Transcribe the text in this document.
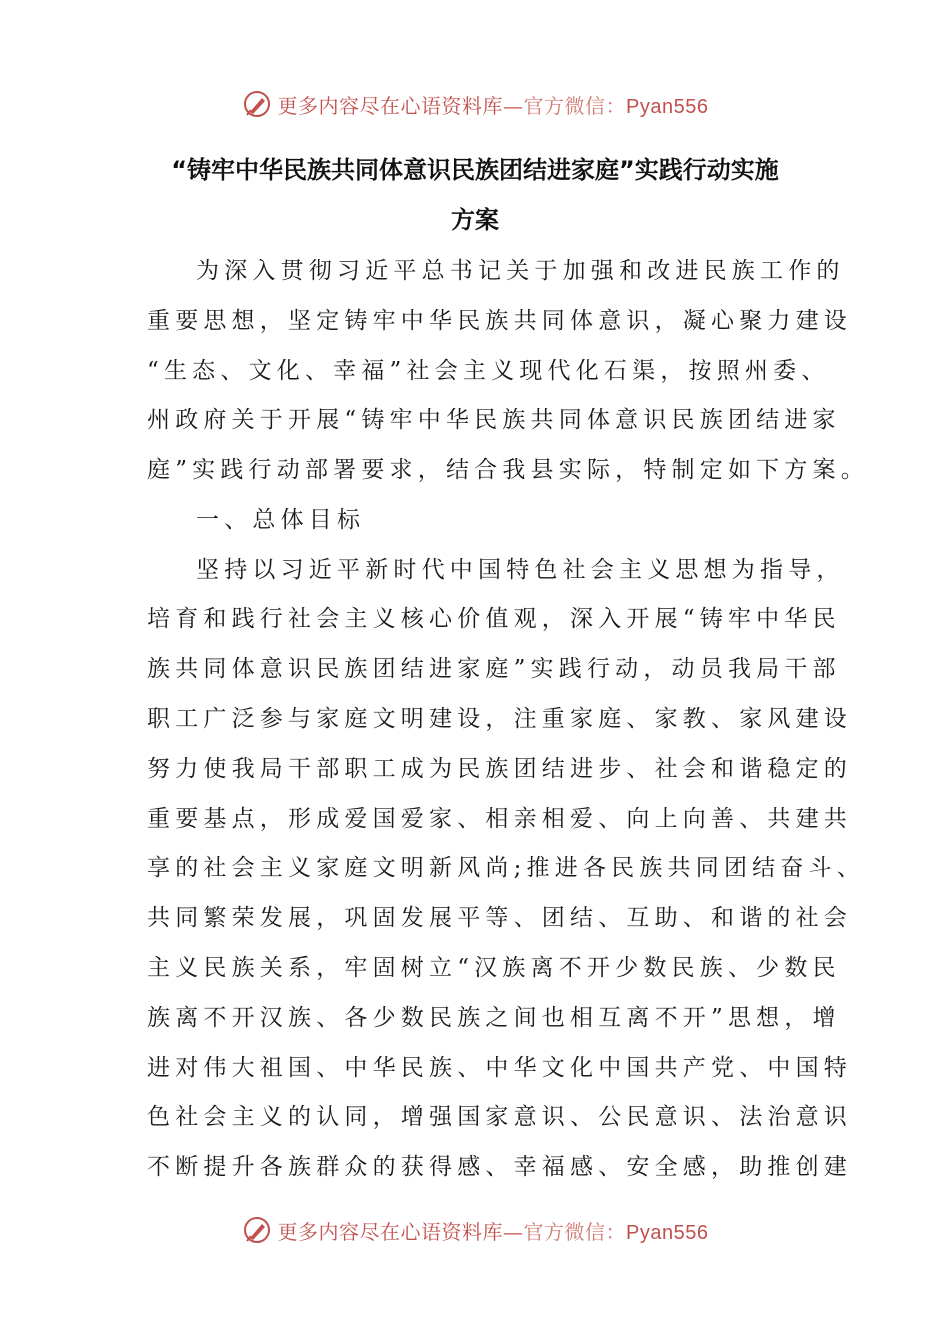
更多内容尽在心语资料库—官方微信：Pyan556
“铸牢中华民族共同体意识民族团结进家庭”实践行动实施
方案
为深入贯彻习近平总书记关于加强和改进民族工作的
重要思想，坚定铸牢中华民族共同体意识，凝心聚力建设
“生态、文化、幸福”社会主义现代化石渠，按照州委、
州政府关于开展“铸牢中华民族共同体意识民族团结进家
庭”实践行动部署要求，结合我县实际，特制定如下方案。
一、总体目标
坚持以习近平新时代中国特色社会主义思想为指导，
培育和践行社会主义核心价值观，深入开展“铸牢中华民
族共同体意识民族团结进家庭”实践行动，动员我局干部
职工广泛参与家庭文明建设，注重家庭、家教、家风建设
努力使我局干部职工成为民族团结进步、社会和谐稳定的
重要基点，形成爱国爱家、相亲相爱、向上向善、共建共
享的社会主义家庭文明新风尚;推进各民族共同团结奋斗、
共同繁荣发展，巩固发展平等、团结、互助、和谐的社会
主义民族关系，牢固树立“汉族离不开少数民族、少数民
族离不开汉族、各少数民族之间也相互离不开”思想，增
进对伟大祖国、中华民族、中华文化中国共产党、中国特
色社会主义的认同，增强国家意识、公民意识、法治意识
不断提升各族群众的获得感、幸福感、安全感，助推创建
更多内容尽在心语资料库—官方微信：Pyan556
